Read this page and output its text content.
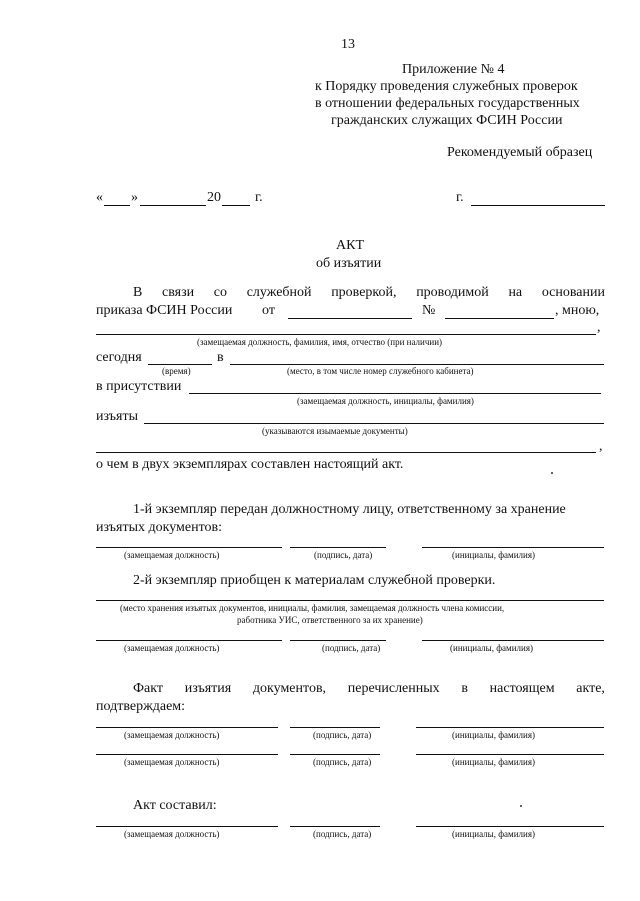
13
Приложение № 4
к Порядку проведения служебных проверок
в отношении федеральных государственных
гражданских служащих ФСИН России
Рекомендуемый образец
« »	20 г.	г.
АКТ
об изъятии
В связи со служебной проверкой, проводимой на основании
приказа ФСИН России от	№	, мною,
,
(замещаемая должность, фамилия, имя, отчество (при наличии)
сегодня	в
(время)	(место, в том числе номер служебного кабинета)
в присутствии
(замещаемая должность, инициалы, фамилия)
изъяты
(указываются изымаемые документы)
,
о чем в двух экземплярах составлен настоящий акт.
1-й экземпляр передан должностному лицу, ответственному за хранение
изъятых документов:
(замещаемая должность)	(подпись, дата)	(инициалы, фамилия)
2-й экземпляр приобщен к материалам служебной проверки.
(место хранения изъятых документов, инициалы, фамилия, замещаемая должность члена комиссии,
работника УИС, ответственного за их хранение)
(замещаемая должность)	(подпись, дата)	(инициалы, фамилия)
Факт изъятия документов, перечисленных в настоящем акте,
подтверждаем:
(замещаемая должность)	(подпись, дата)	(инициалы, фамилия)
(замещаемая должность)	(подпись, дата)	(инициалы, фамилия)
Акт составил:
(замещаемая должность)	(подпись, дата)	(инициалы, фамилия)
